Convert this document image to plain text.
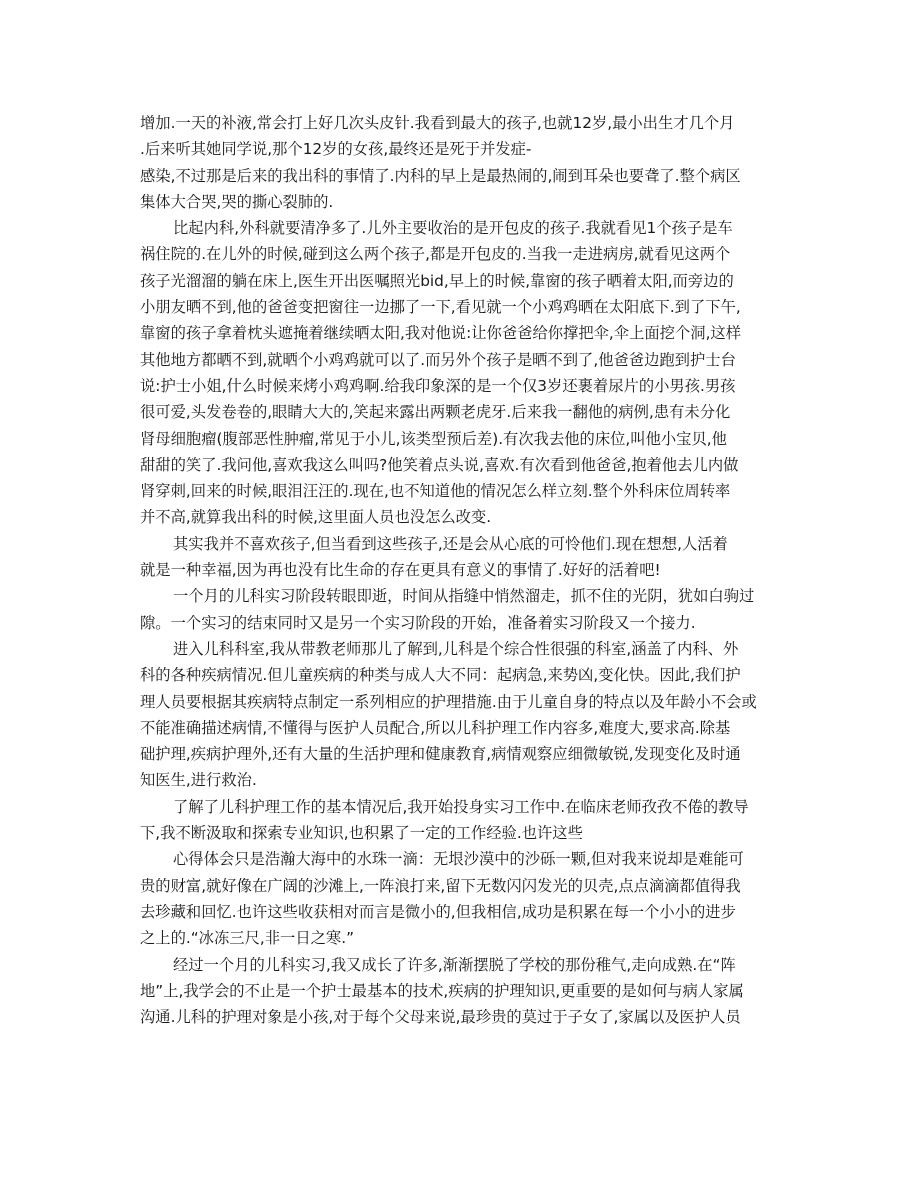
增加.一天的补液,常会打上好几次头皮针.我看到最大的孩子,也就12岁,最小出生才几个月
.后来听其她同学说,那个12岁的女孩,最终还是死于并发症-
感染,不过那是后来的我出科的事情了.内科的早上是最热闹的,闹到耳朵也要聋了.整个病区
集体大合哭,哭的撕心裂肺的.
比起内科,外科就要清净多了.儿外主要收治的是开包皮的孩子.我就看见1个孩子是车
祸住院的.在儿外的时候,碰到这么两个孩子,都是开包皮的.当我一走进病房,就看见这两个
孩子光溜溜的躺在床上,医生开出医嘱照光bid,早上的时候,靠窗的孩子晒着太阳,而旁边的
小朋友晒不到,他的爸爸变把窗往一边挪了一下,看见就一个小鸡鸡晒在太阳底下.到了下午,
靠窗的孩子拿着枕头遮掩着继续晒太阳,我对他说:让你爸爸给你撑把伞,伞上面挖个洞,这样
其他地方都晒不到,就晒个小鸡鸡就可以了.而另外个孩子是晒不到了,他爸爸边跑到护士台
说:护士小姐,什么时候来烤小鸡鸡啊.给我印象深的是一个仅3岁还裹着尿片的小男孩.男孩
很可爱,头发卷卷的,眼睛大大的,笑起来露出两颗老虎牙.后来我一翻他的病例,患有未分化
肾母细胞瘤(腹部恶性肿瘤,常见于小儿,该类型预后差).有次我去他的床位,叫他小宝贝,他
甜甜的笑了.我问他,喜欢我这么叫吗?他笑着点头说,喜欢.有次看到他爸爸,抱着他去儿内做
肾穿刺,回来的时候,眼泪汪汪的.现在,也不知道他的情况怎么样立刻.整个外科床位周转率
并不高,就算我出科的时候,这里面人员也没怎么改变.
其实我并不喜欢孩子,但当看到这些孩子,还是会从心底的可怜他们.现在想想,人活着
就是一种幸福,因为再也没有比生命的存在更具有意义的事情了.好好的活着吧!
一个月的儿科实习阶段转眼即逝，时间从指缝中悄然溜走，抓不住的光阴，犹如白驹过
隙。一个实习的结束同时又是另一个实习阶段的开始，准备着实习阶段又一个接力.
进入儿科科室,我从带教老师那儿了解到,儿科是个综合性很强的科室,涵盖了内科、外
科的各种疾病情况.但儿童疾病的种类与成人大不同：起病急,来势凶,变化快。因此,我们护
理人员要根据其疾病特点制定一系列相应的护理措施.由于儿童自身的特点以及年龄小不会或
不能准确描述病情,不懂得与医护人员配合,所以儿科护理工作内容多,难度大,要求高.除基
础护理,疾病护理外,还有大量的生活护理和健康教育,病情观察应细微敏锐,发现变化及时通
知医生,进行救治.
了解了儿科护理工作的基本情况后,我开始投身实习工作中.在临床老师孜孜不倦的教导
下,我不断汲取和探索专业知识,也积累了一定的工作经验.也许这些
心得体会只是浩瀚大海中的水珠一滴：无垠沙漠中的沙砾一颗,但对我来说却是难能可
贵的财富,就好像在广阔的沙滩上,一阵浪打来,留下无数闪闪发光的贝壳,点点滴滴都值得我
去珍藏和回忆.也许这些收获相对而言是微小的,但我相信,成功是积累在每一个小小的进步
之上的.“冰冻三尺,非一日之寒.”
经过一个月的儿科实习,我又成长了许多,渐渐摆脱了学校的那份稚气,走向成熟.在“阵
地”上,我学会的不止是一个护士最基本的技术,疾病的护理知识,更重要的是如何与病人家属
沟通.儿科的护理对象是小孩,对于每个父母来说,最珍贵的莫过于子女了,家属以及医护人员
